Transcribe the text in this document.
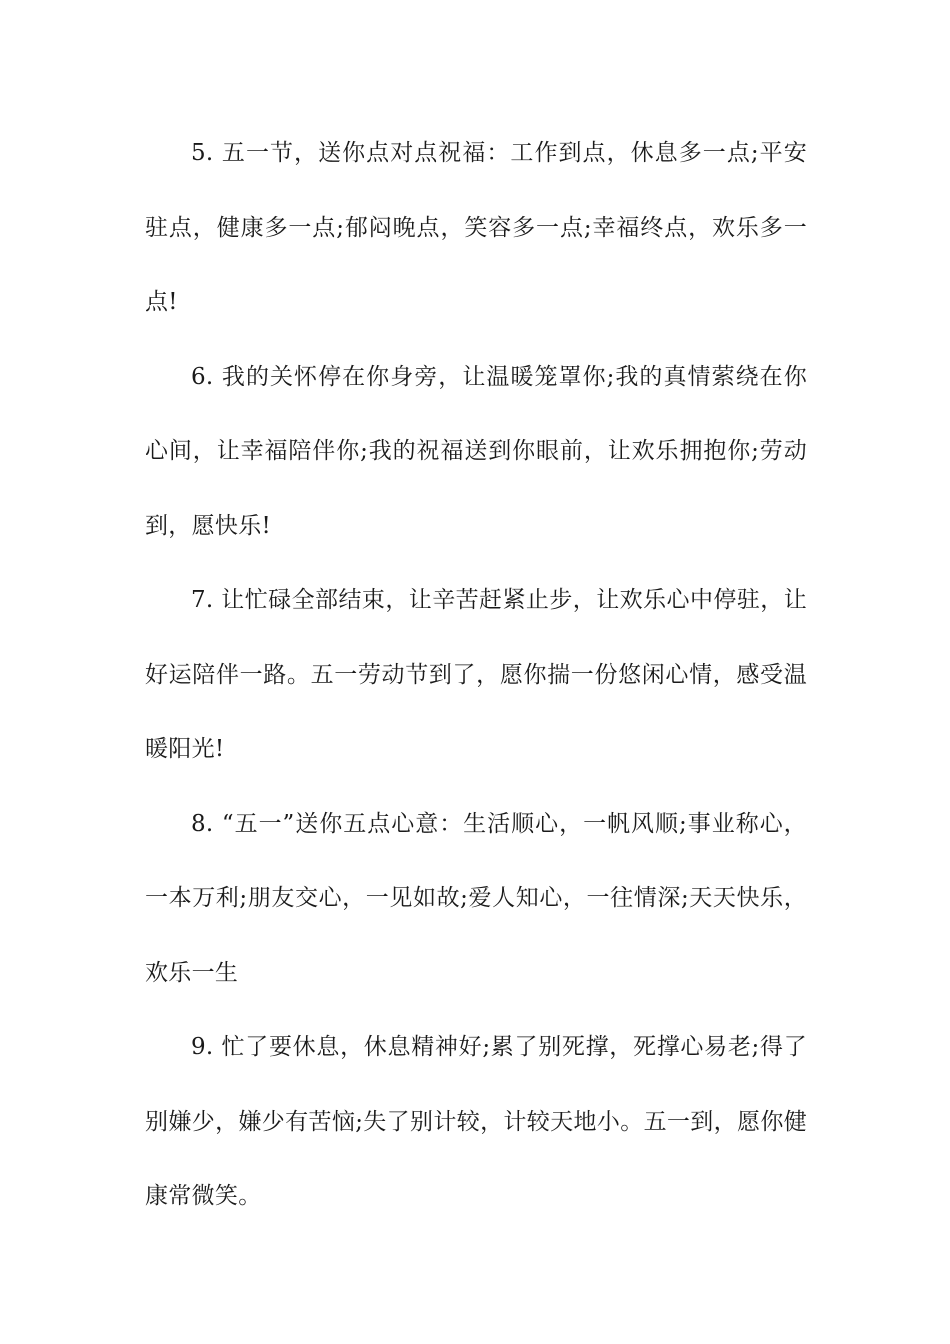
5. 五一节，送你点对点祝福：工作到点，休息多一点;平安驻点，健康多一点;郁闷晚点，笑容多一点;幸福终点，欢乐多一点!

6. 我的关怀停在你身旁，让温暖笼罩你;我的真情萦绕在你心间，让幸福陪伴你;我的祝福送到你眼前，让欢乐拥抱你;劳动到，愿快乐!

7. 让忙碌全部结束，让辛苦赶紧止步，让欢乐心中停驻，让好运陪伴一路。五一劳动节到了，愿你揣一份悠闲心情，感受温暖阳光!

8. “五一”送你五点心意：生活顺心，一帆风顺;事业称心，一本万利;朋友交心，一见如故;爱人知心，一往情深;天天快乐，欢乐一生

9. 忙了要休息，休息精神好;累了别死撑，死撑心易老;得了别嫌少，嫌少有苦恼;失了别计较，计较天地小。五一到，愿你健康常微笑。
